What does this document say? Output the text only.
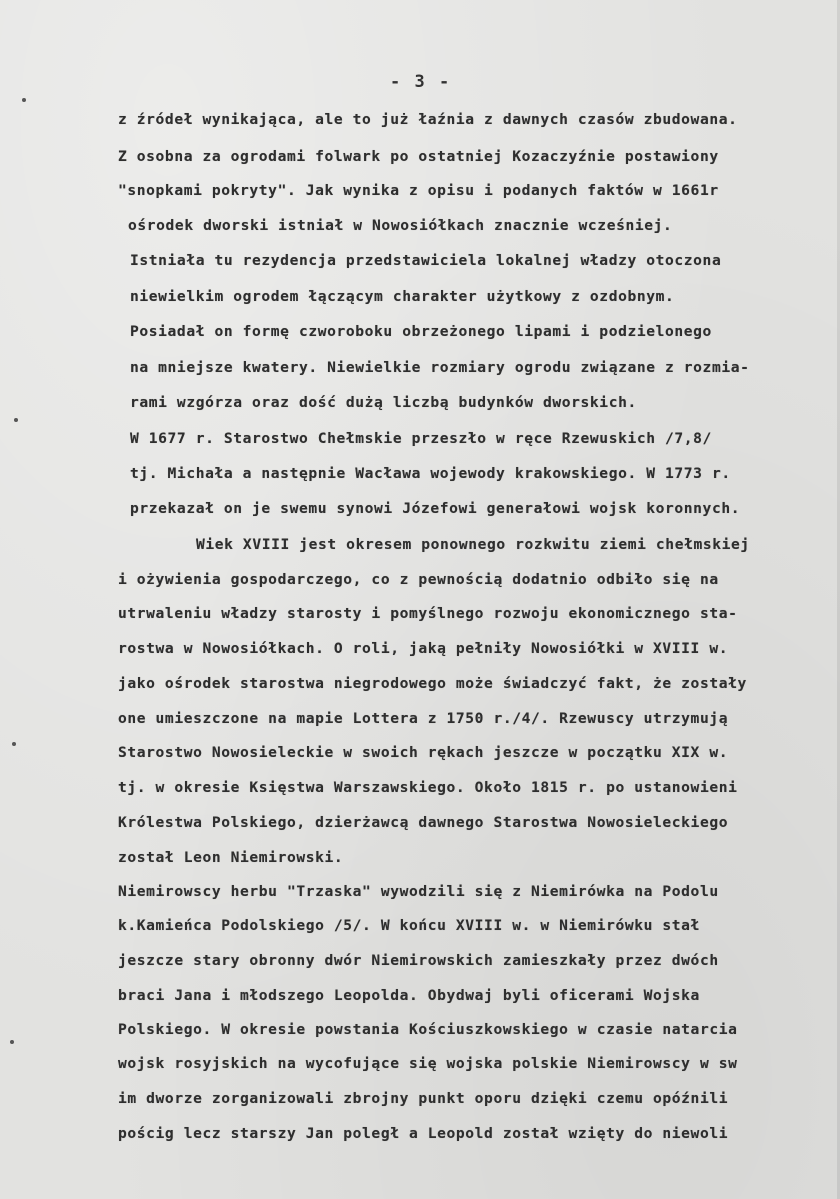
- 3 -
z źródeł wynikająca, ale to już łaźnia z dawnych czasów zbudowana.
Z osobna za ogrodami folwark po ostatniej Kozaczyźnie postawiony
"snopkami pokryty". Jak wynika z opisu i podanych faktów w 1661r
ośrodek dworski istniał w Nowosiółkach znacznie wcześniej.
Istniała tu rezydencja przedstawiciela lokalnej władzy otoczona
niewielkim ogrodem łączącym charakter użytkowy z ozdobnym.
Posiadał on formę czworoboku obrzeżonego lipami i podzielonego
na mniejsze kwatery. Niewielkie rozmiary ogrodu związane z rozmia-
rami wzgórza oraz dość dużą liczbą budynków dworskich.
W 1677 r. Starostwo Chełmskie przeszło w ręce Rzewuskich /7,8/
tj. Michała a następnie Wacława wojewody krakowskiego. W 1773 r.
przekazał on je swemu synowi Józefowi generałowi wojsk koronnych.
Wiek XVIII jest okresem ponownego rozkwitu ziemi chełmskiej
i ożywienia gospodarczego, co z pewnością dodatnio odbiło się na
utrwaleniu władzy starosty i pomyślnego rozwoju ekonomicznego sta-
rostwa w Nowosiółkach. O roli, jaką pełniły Nowosiółki w XVIII w.
jako ośrodek starostwa niegrodowego może świadczyć fakt, że zostały
one umieszczone na mapie Lottera z 1750 r./4/. Rzewuscy utrzymują
Starostwo Nowosieleckie w swoich rękach jeszcze w początku XIX w.
tj. w okresie Księstwa Warszawskiego. Około 1815 r. po ustanowieni
Królestwa Polskiego, dzierżawcą dawnego Starostwa Nowosieleckiego
został Leon Niemirowski.
Niemirowscy herbu "Trzaska" wywodzili się z Niemirówka na Podolu
k.Kamieńca Podolskiego /5/. W końcu XVIII w. w Niemirówku stał
jeszcze stary obronny dwór Niemirowskich zamieszkały przez dwóch
braci Jana i młodszego Leopolda. Obydwaj byli oficerami Wojska
Polskiego. W okresie powstania Kościuszkowskiego w czasie natarcia
wojsk rosyjskich na wycofujące się wojska polskie Niemirowscy w sw
im dworze zorganizowali zbrojny punkt oporu dzięki czemu opóźnili
pościg lecz starszy Jan poległ a Leopold został wzięty do niewoli
